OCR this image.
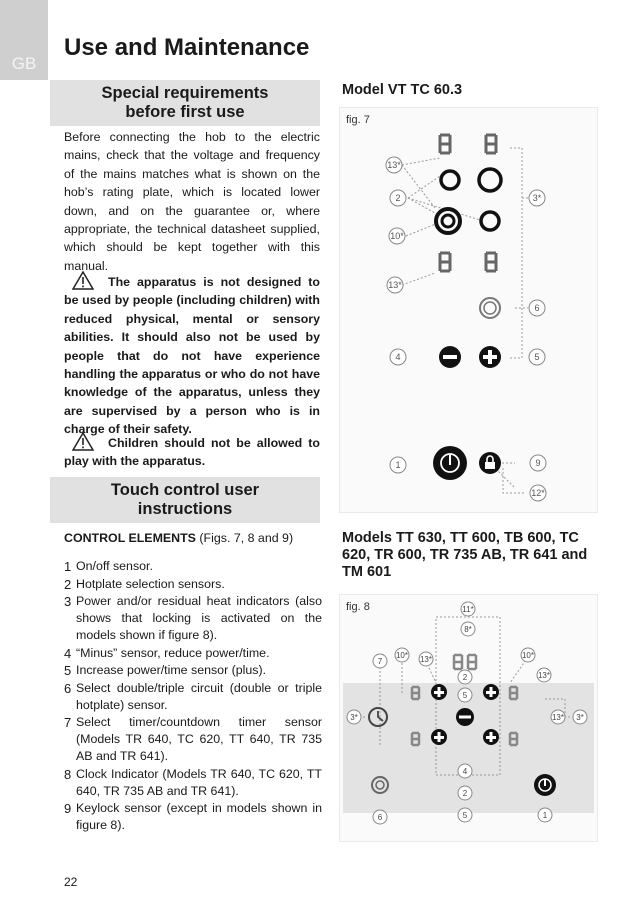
GB
Use and Maintenance
Special requirements
before first use

Before connecting the hob to the electric mains, check that the voltage and frequency of the mains matches what is shown on the hob’s rating plate, which is located lower down, and on the guarantee or, where appropriate, the technical datasheet supplied, which should be kept together with this manual.

The apparatus is not designed to be used by people (including children) with reduced physical, mental or sensory abilities. It should also not be used by people that do not have experience handling the apparatus or who do not have knowledge of the apparatus, unless they are supervised by a person who is in charge of their safety.

Children should not be allowed to play with the apparatus.

Touch control user
instructions

CONTROL ELEMENTS (Figs. 7, 8 and 9)

1 On/off sensor.
2 Hotplate selection sensors.
3 Power and/or residual heat indicators (also shows that locking is activated on the models shown if figure 8).
4 “Minus” sensor, reduce power/time.
5 Increase power/time sensor (plus).
6 Select double/triple circuit (double or triple hotplate) sensor.
7 Select timer/countdown timer sensor (Models TR 640, TC 620, TT 640, TR 735 AB and TR 641).
8 Clock Indicator (Models TR 640, TC 620, TT 640, TR 735 AB and TR 641).
9 Keylock sensor (except in models shown in figure 8).
22
Model VT TC 60.3
fig. 7
13*
2
10*
3*
13*
6
4	5
1	9
12*
Models TT 630, TT 600, TB 600, TC 620, TR 600, TR 735 AB, TR 641 and TM 601
fig. 8	11*
8*
7
10* 13*	10*
13*
2
5
3*	13* 3*
4
2
5
6	1
